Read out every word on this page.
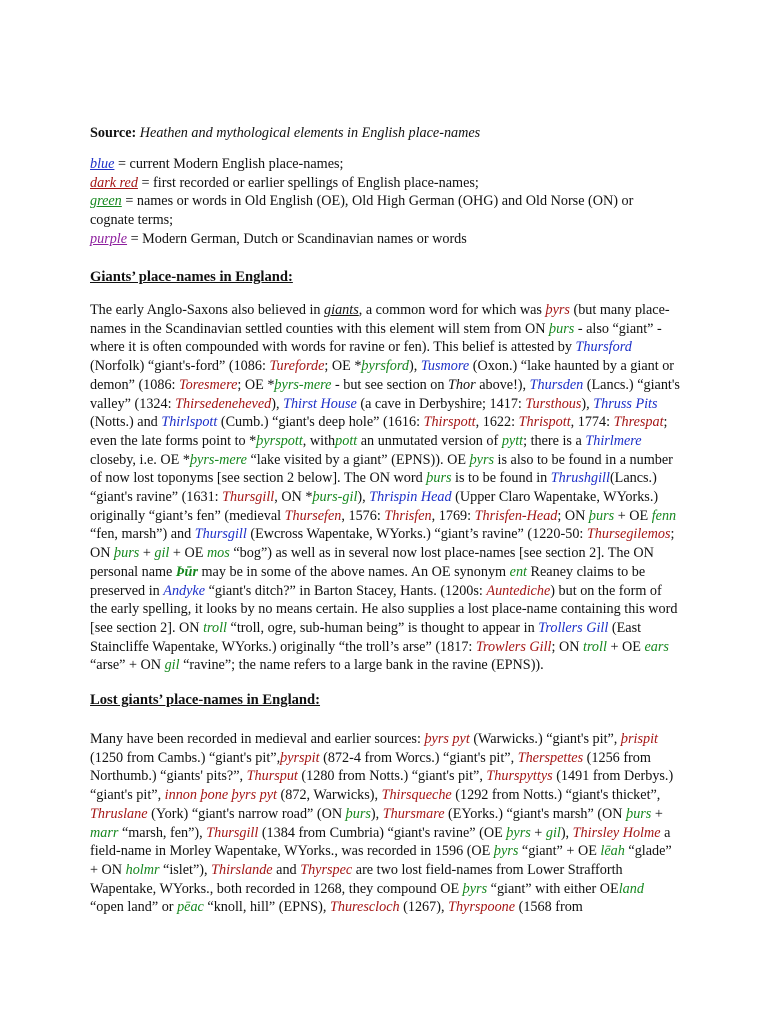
Source: Heathen and mythological elements in English place-names

blue = current Modern English place-names;
dark red = first recorded or earlier spellings of English place-names;
green = names or words in Old English (OE), Old High German (OHG) and Old Norse (ON) or cognate terms;
purple = Modern German, Dutch or Scandinavian names or words

Giants’ place-names in England:

The early Anglo-Saxons also believed in giants, a common word for which was þyrs (but many place-names in the Scandinavian settled counties with this element will stem from ON þurs - also “giant” - where it is often compounded with words for ravine or fen). This belief is attested by Thursford (Norfolk) “giant's-ford” (1086: Tureforde; OE *þyrsford), Tusmore (Oxon.) “lake haunted by a giant or demon” (1086: Toresmere; OE *þyrs-mere - but see section on Thor above!), Thursden (Lancs.) “giant's valley” (1324: Thirsedeneheved), Thirst House (a cave in Derbyshire; 1417: Tursthous), Thruss Pits (Notts.) and Thirlspott (Cumb.) “giant's deep hole” (1616: Thirspott, 1622: Thrispott, 1774: Threspat; even the late forms point to *þyrspott, withpott an unmutated version of pytt; there is a Thirlmere closeby, i.e. OE *þyrs-mere “lake visited by a giant” (EPNS)). OE þyrs is also to be found in a number of now lost toponyms [see section 2 below]. The ON word þurs is to be found in Thrushgill(Lancs.) “giant's ravine” (1631: Thursgill, ON *þurs-gil), Thrispin Head (Upper Claro Wapentake, WYorks.) originally “giant’s fen” (medieval Thursefen, 1576: Thrisfen, 1769: Thrisfen-Head; ON þurs + OE fenn “fen, marsh”) and Thursgill (Ewcross Wapentake, WYorks.) “giant’s ravine” (1220-50: Thursegilemos; ON þurs + gil + OE mos “bog”) as well as in several now lost place-names [see section 2]. The ON personal name Þūr may be in some of the above names. An OE synonym ent Reaney claims to be preserved in Andyke “giant's ditch?” in Barton Stacey, Hants. (1200s: Auntediche) but on the form of the early spelling, it looks by no means certain. He also supplies a lost place-name containing this word [see section 2]. ON troll “troll, ogre, sub-human being” is thought to appear in Trollers Gill (East Staincliffe Wapentake, WYorks.) originally “the troll’s arse” (1817: Trowlers Gill; ON troll + OE ears “arse” + ON gil “ravine”; the name refers to a large bank in the ravine (EPNS)).

Lost giants’ place-names in England:

Many have been recorded in medieval and earlier sources: þyrs pyt (Warwicks.) “giant's pit”, þrispit (1250 from Cambs.) “giant's pit”,þyrspit (872-4 from Worcs.) “giant's pit”, Therspettes (1256 from Northumb.) “giants' pits?”, Thursput (1280 from Notts.) “giant's pit”, Thurspyttys (1491 from Derbys.) “giant's pit”, innon þone þyrs pyt (872, Warwicks), Thirsqueche (1292 from Notts.) “giant's thicket”, Thruslane (York) “giant's narrow road” (ON þurs), Thursmare (EYorks.) “giant's marsh” (ON þurs + marr “marsh, fen”), Thursgill (1384 from Cumbria) “giant's ravine” (OE þyrs + gil), Thirsley Holme a field-name in Morley Wapentake, WYorks., was recorded in 1596 (OE þyrs “giant” + OE lēah “glade” + ON holmr “islet”), Thirslande and Thyrspec are two lost field-names from Lower Strafforth Wapentake, WYorks., both recorded in 1268, they compound OE þyrs “giant” with either OEland “open land” or pēac “knoll, hill” (EPNS), Thurescloch (1267), Thyrspoone (1568 from
